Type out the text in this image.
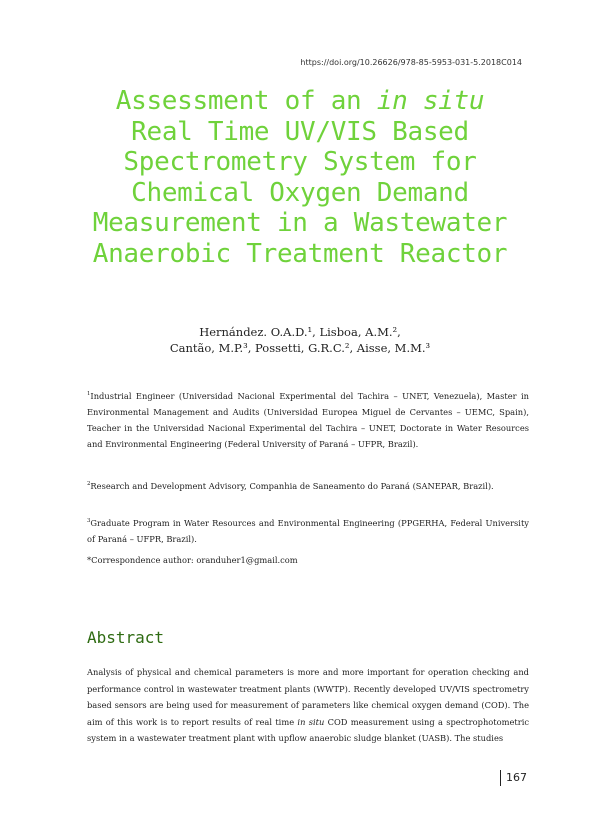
https://doi.org/10.26626/978-85-5953-031-5.2018C014
Assessment of an in situ
Real Time UV/VIS Based
Spectrometry System for
Chemical Oxygen Demand
Measurement in a Wastewater
Anaerobic Treatment Reactor
Hernández. O.A.D.¹, Lisboa, A.M.²,
Cantão, M.P.³, Possetti, G.R.C.², Aisse, M.M.³
$^1$Industrial Engineer (Universidad Nacional Experimental del Tachira – UNET, Venezuela), Master in Environmental Management and Audits (Universidad Europea Miguel de Cervantes – UEMC, Spain), Teacher in the Universidad Nacional Experimental del Tachira – UNET, Doctorate in Water Resources and Environmental Engineering (Federal University of Paraná – UFPR, Brazil).
$^2$Research and Development Advisory, Companhia de Saneamento do Paraná (SANEPAR, Brazil).
$^3$Graduate Program in Water Resources and Environmental Engineering (PPGERHA, Federal University of Paraná – UFPR, Brazil).
*Correspondence author: oranduher1@gmail.com
Abstract
Analysis of physical and chemical parameters is more and more important for operation checking and performance control in wastewater treatment plants (WWTP). Recently developed UV/VIS spectrometry based sensors are being used for measurement of parameters like chemical oxygen demand (COD). The aim of this work is to report results of real time in situ COD measurement using a spectrophotometric system in a wastewater treatment plant with upflow anaerobic sludge blanket (UASB). The studies
167
